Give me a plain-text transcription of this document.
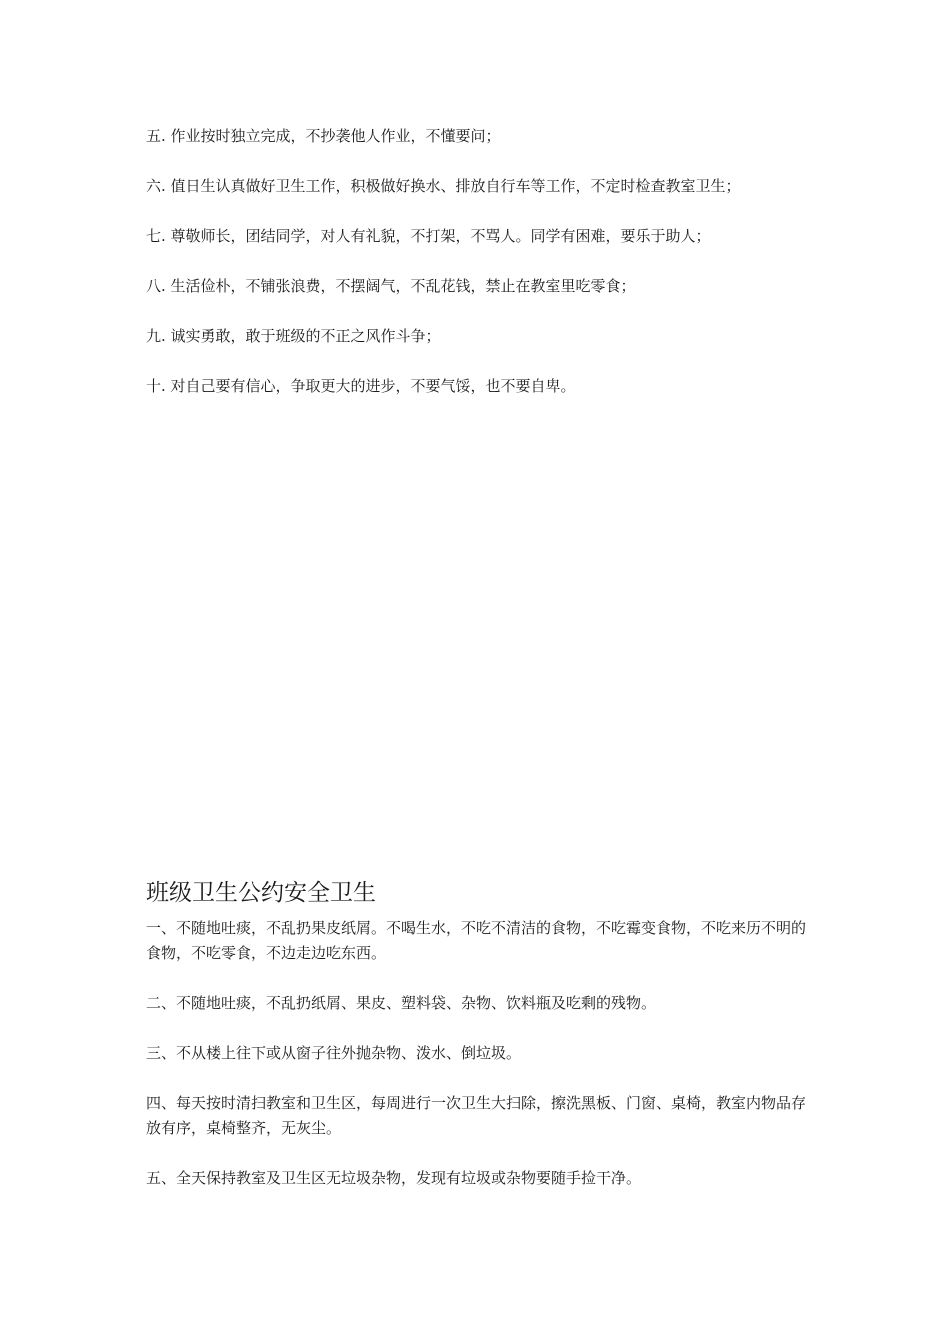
五. 作业按时独立完成，不抄袭他人作业，不懂要问；

六. 值日生认真做好卫生工作，积极做好换水、排放自行车等工作，不定时检查教室卫生；

七. 尊敬师长，团结同学，对人有礼貌，不打架，不骂人。同学有困难，要乐于助人；

八. 生活俭朴，不铺张浪费，不摆阔气，不乱花钱，禁止在教室里吃零食；

九. 诚实勇敢，敢于班级的不正之风作斗争；

十. 对自己要有信心，争取更大的进步，不要气馁，也不要自卑。

班级卫生公约安全卫生

一、不随地吐痰，不乱扔果皮纸屑。不喝生水，不吃不清洁的食物，不吃霉变食物，不吃来历不明的食物，不吃零食，不边走边吃东西。

二、不随地吐痰，不乱扔纸屑、果皮、塑料袋、杂物、饮料瓶及吃剩的残物。

三、不从楼上往下或从窗子往外抛杂物、泼水、倒垃圾。

四、每天按时清扫教室和卫生区，每周进行一次卫生大扫除，擦洗黑板、门窗、桌椅，教室内物品存放有序，桌椅整齐，无灰尘。

五、全天保持教室及卫生区无垃圾杂物，发现有垃圾或杂物要随手捡干净。
